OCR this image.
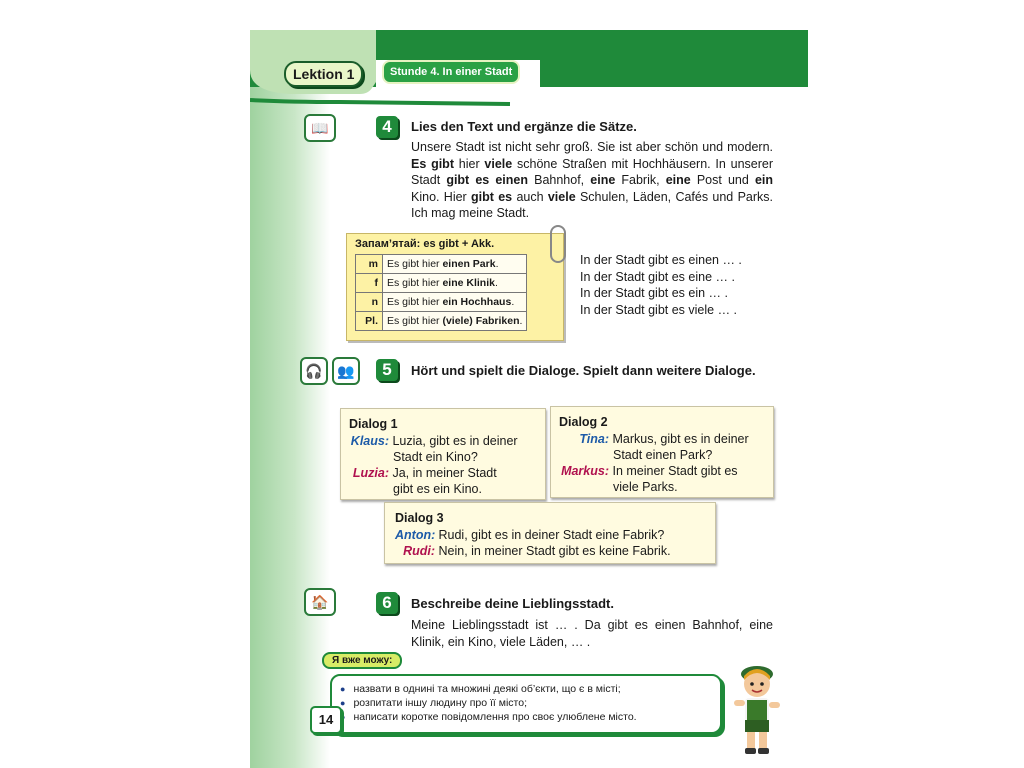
Lektion 1	Stunde 4. In einer Stadt
📖	4	Lies den Text und ergänze die Sätze.
Unsere Stadt ist nicht sehr groß. Sie ist aber schön und modern. Es gibt hier viele schöne Straßen mit Hochhäusern. In unserer Stadt gibt es einen Bahnhof, eine Fabrik, eine Post und ein Kino. Hier gibt es auch viele Schulen, Läden, Cafés und Parks. Ich mag meine Stadt.
Запам’ятай: es gibt + Akk.
m	Es gibt hier einen Park.
f	Es gibt hier eine Klinik.
n	Es gibt hier ein Hochhaus.
Pl.	Es gibt hier (viele) Fabriken.
In der Stadt gibt es einen … .
In der Stadt gibt es eine … .
In der Stadt gibt es ein … .
In der Stadt gibt es viele … .
🎧	👥	5	Hört und spielt die Dialoge. Spielt dann weitere Dialoge.
Dialog 1
Klaus: Luzia, gibt es in deiner
Stadt ein Kino?
Luzia: Ja, in meiner Stadt
gibt es ein Kino.
Dialog 2
Tina: Markus, gibt es in deiner
Stadt einen Park?
Markus: In meiner Stadt gibt es
viele Parks.
Dialog 3
Anton: Rudi, gibt es in deiner Stadt eine Fabrik?
Rudi: Nein, in meiner Stadt gibt es keine Fabrik.
🏠	6	Beschreibe deine Lieblingsstadt.
Meine Lieblingsstadt ist … . Da gibt es einen Bahnhof, eine Klinik, ein Kino, viele Läden, … .
Я вже можу:
● назвати в однині та множині деякі об’єкти, що є в місті;
● розпитати іншу людину про її місто;
● написати коротке повідомлення про своє улюблене місто.
14
